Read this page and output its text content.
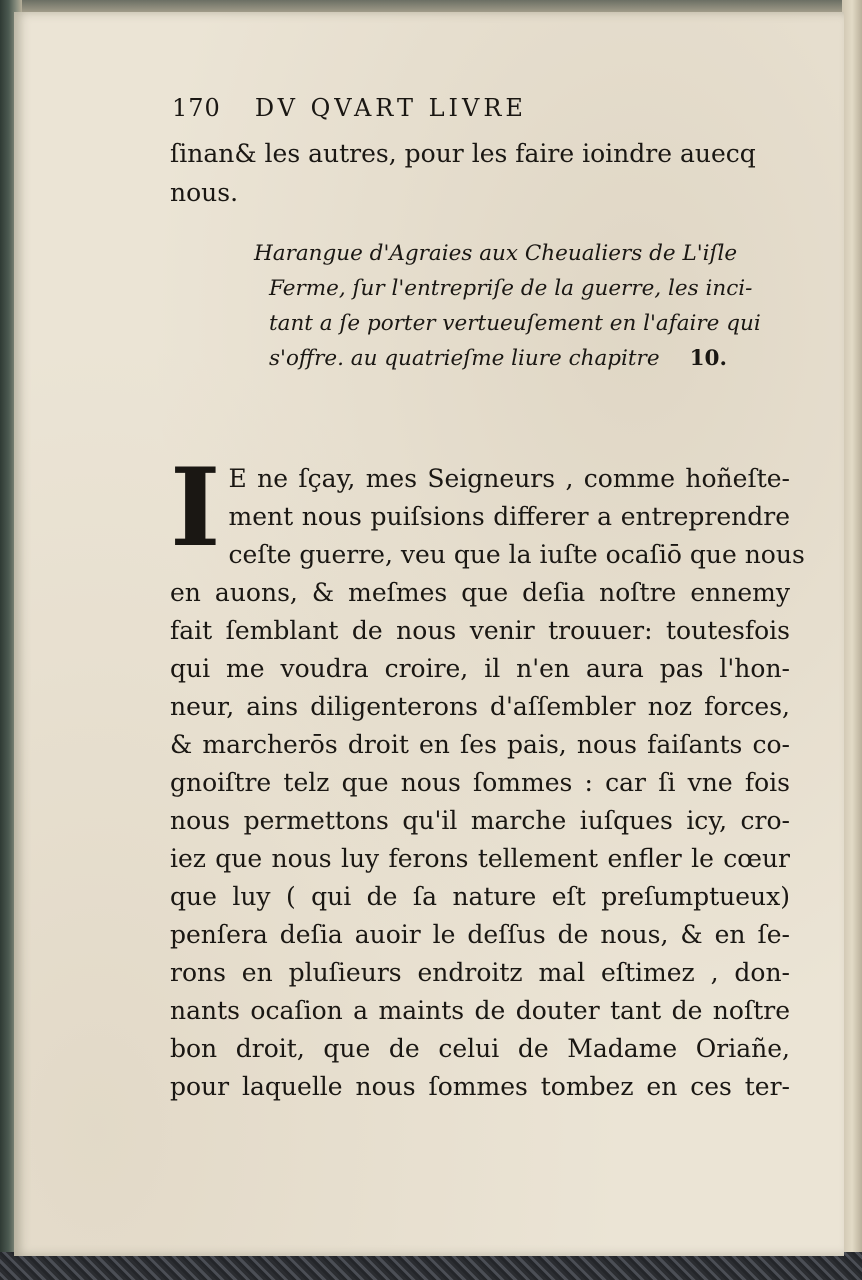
170 DV QVART LIVRE
ſinan& les autres, pour les faire ioindre auecq
nous.
Harangue d'Agraies aux Cheualiers de L'iſle
Ferme, ſur l'entrepriſe de la guerre, les inci-
tant a ſe porter vertueuſement en l'afaire qui
s'offre. au quatrieſme liure chapitre 10.
I E ne ſçay, mes Seigneurs , comme hoñeſte-
ment nous puiſsions differer a entreprendre
ceſte guerre, veu que la iuſte ocaſiō que nous
en auons, & meſmes que deſia noſtre ennemy
fait ſemblant de nous venir trouuer: toutesfois
qui me voudra croire, il n'en aura pas l'hon-
neur, ains diligenterons d'aſſembler noz forces,
& marcherōs droit en ſes pais, nous faiſants co-
gnoiſtre telz que nous ſommes : car ſi vne fois
nous permettons qu'il marche iuſques icy, cro-
iez que nous luy ferons tellement enfler le cœur
que luy ( qui de ſa nature eſt preſumptueux)
penſera deſia auoir le deſſus de nous, & en ſe-
rons en pluſieurs endroitz mal eſtimez , don-
nants ocaſion a maints de douter tant de noſtre
bon droit, que de celui de Madame Oriañe,
pour laquelle nous ſommes tombez en ces ter-
